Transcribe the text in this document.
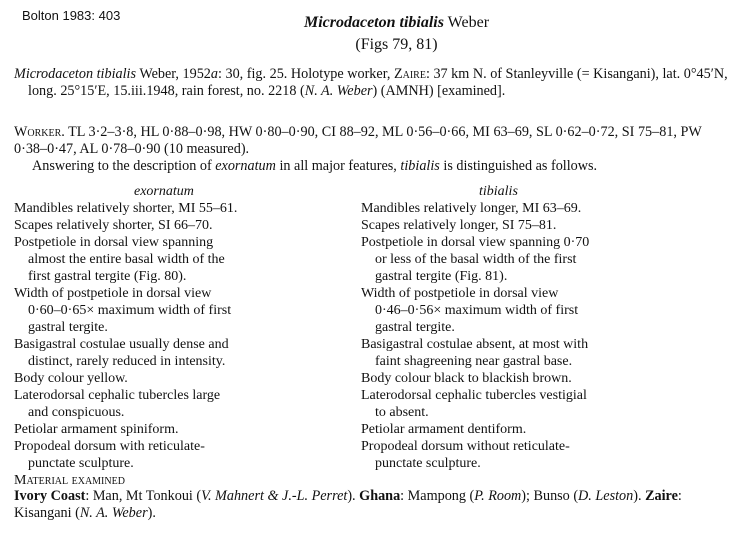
Bolton 1983: 403	Microdaceton tibialis Weber
(Figs 79, 81)
Microdaceton tibialis Weber, 1952a: 30, fig. 25. Holotype worker, Zaire: 37 km N. of Stanleyville (= Kisangani), lat. 0°45′N, long. 25°15′E, 15.iii.1948, rain forest, no. 2218 (N. A. Weber) (AMNH) [examined].
Worker. TL 3·2–3·8, HL 0·88–0·98, HW 0·80–0·90, CI 88–92, ML 0·56–0·66, MI 63–69, SL 0·62–0·72, SI 75–81, PW 0·38–0·47, AL 0·78–0·90 (10 measured).
Answering to the description of exornatum in all major features, tibialis is distinguished as follows.
exornatum
Mandibles relatively shorter, MI 55–61.
Scapes relatively shorter, SI 66–70.
Postpetiole in dorsal view spanning
almost the entire basal width of the
first gastral tergite (Fig. 80).
Width of postpetiole in dorsal view
0·60–0·65× maximum width of first
gastral tergite.
Basigastral costulae usually dense and
distinct, rarely reduced in intensity.
Body colour yellow.
Laterodorsal cephalic tubercles large
and conspicuous.
Petiolar armament spiniform.
Propodeal dorsum with reticulate-
punctate sculpture.
tibialis
Mandibles relatively longer, MI 63–69.
Scapes relatively longer, SI 75–81.
Postpetiole in dorsal view spanning 0·70
or less of the basal width of the first
gastral tergite (Fig. 81).
Width of postpetiole in dorsal view
0·46–0·56× maximum width of first
gastral tergite.
Basigastral costulae absent, at most with
faint shagreening near gastral base.
Body colour black to blackish brown.
Laterodorsal cephalic tubercles vestigial
to absent.
Petiolar armament dentiform.
Propodeal dorsum without reticulate-
punctate sculpture.
Material examined
Ivory Coast: Man, Mt Tonkoui (V. Mahnert & J.-L. Perret). Ghana: Mampong (P. Room); Bunso (D. Leston). Zaire: Kisangani (N. A. Weber).
